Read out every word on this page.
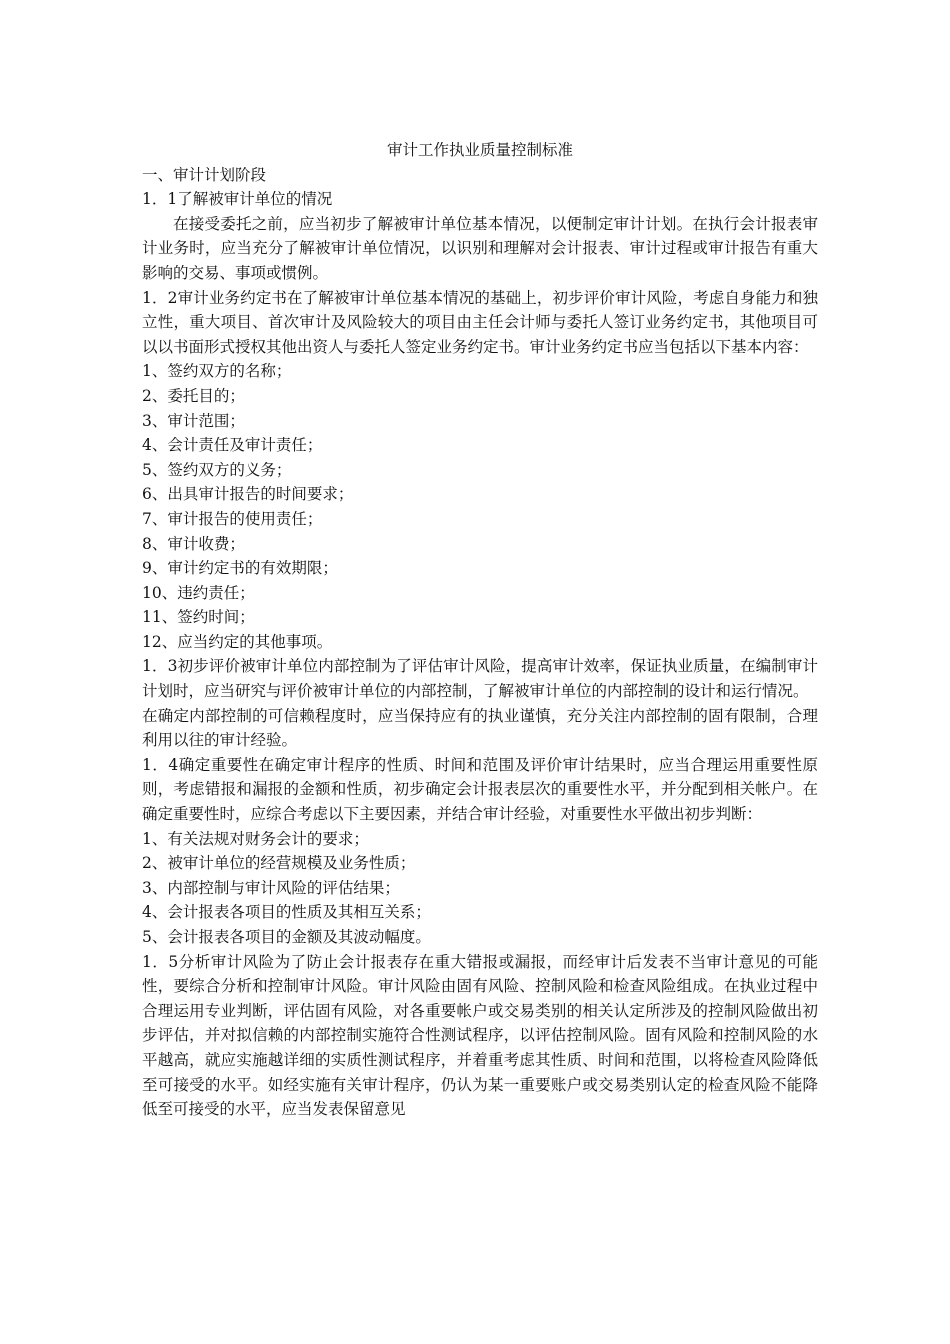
审计工作执业质量控制标准

一、审计计划阶段

1．1了解被审计单位的情况

在接受委托之前，应当初步了解被审计单位基本情况，以便制定审计计划。在执行会计报表审计业务时，应当充分了解被审计单位情况，以识别和理解对会计报表、审计过程或审计报告有重大影响的交易、事项或惯例。

1．2审计业务约定书在了解被审计单位基本情况的基础上，初步评价审计风险，考虑自身能力和独立性，重大项目、首次审计及风险较大的项目由主任会计师与委托人签订业务约定书，其他项目可以以书面形式授权其他出资人与委托人签定业务约定书。审计业务约定书应当包括以下基本内容：

1、签约双方的名称；

2、委托目的；

3、审计范围；

4、会计责任及审计责任；

5、签约双方的义务；

6、出具审计报告的时间要求；

7、审计报告的使用责任；

8、审计收费；

9、审计约定书的有效期限；

10、违约责任；

11、签约时间；

12、应当约定的其他事项。

1．3初步评价被审计单位内部控制为了评估审计风险，提高审计效率，保证执业质量，在编制审计计划时，应当研究与评价被审计单位的内部控制，了解被审计单位的内部控制的设计和运行情况。

在确定内部控制的可信赖程度时，应当保持应有的执业谨慎，充分关注内部控制的固有限制，合理利用以往的审计经验。

1．4确定重要性在确定审计程序的性质、时间和范围及评价审计结果时，应当合理运用重要性原则，考虑错报和漏报的金额和性质，初步确定会计报表层次的重要性水平，并分配到相关帐户。在确定重要性时，应综合考虑以下主要因素，并结合审计经验，对重要性水平做出初步判断：

1、有关法规对财务会计的要求；

2、被审计单位的经营规模及业务性质；

3、内部控制与审计风险的评估结果；

4、会计报表各项目的性质及其相互关系；

5、会计报表各项目的金额及其波动幅度。

1．5分析审计风险为了防止会计报表存在重大错报或漏报，而经审计后发表不当审计意见的可能性，要综合分析和控制审计风险。审计风险由固有风险、控制风险和检查风险组成。在执业过程中合理运用专业判断，评估固有风险，对各重要帐户或交易类别的相关认定所涉及的控制风险做出初步评估，并对拟信赖的内部控制实施符合性测试程序，以评估控制风险。固有风险和控制风险的水平越高，就应实施越详细的实质性测试程序，并着重考虑其性质、时间和范围，以将检查风险降低至可接受的水平。如经实施有关审计程序，仍认为某一重要账户或交易类别认定的检查风险不能降低至可接受的水平，应当发表保留意见
